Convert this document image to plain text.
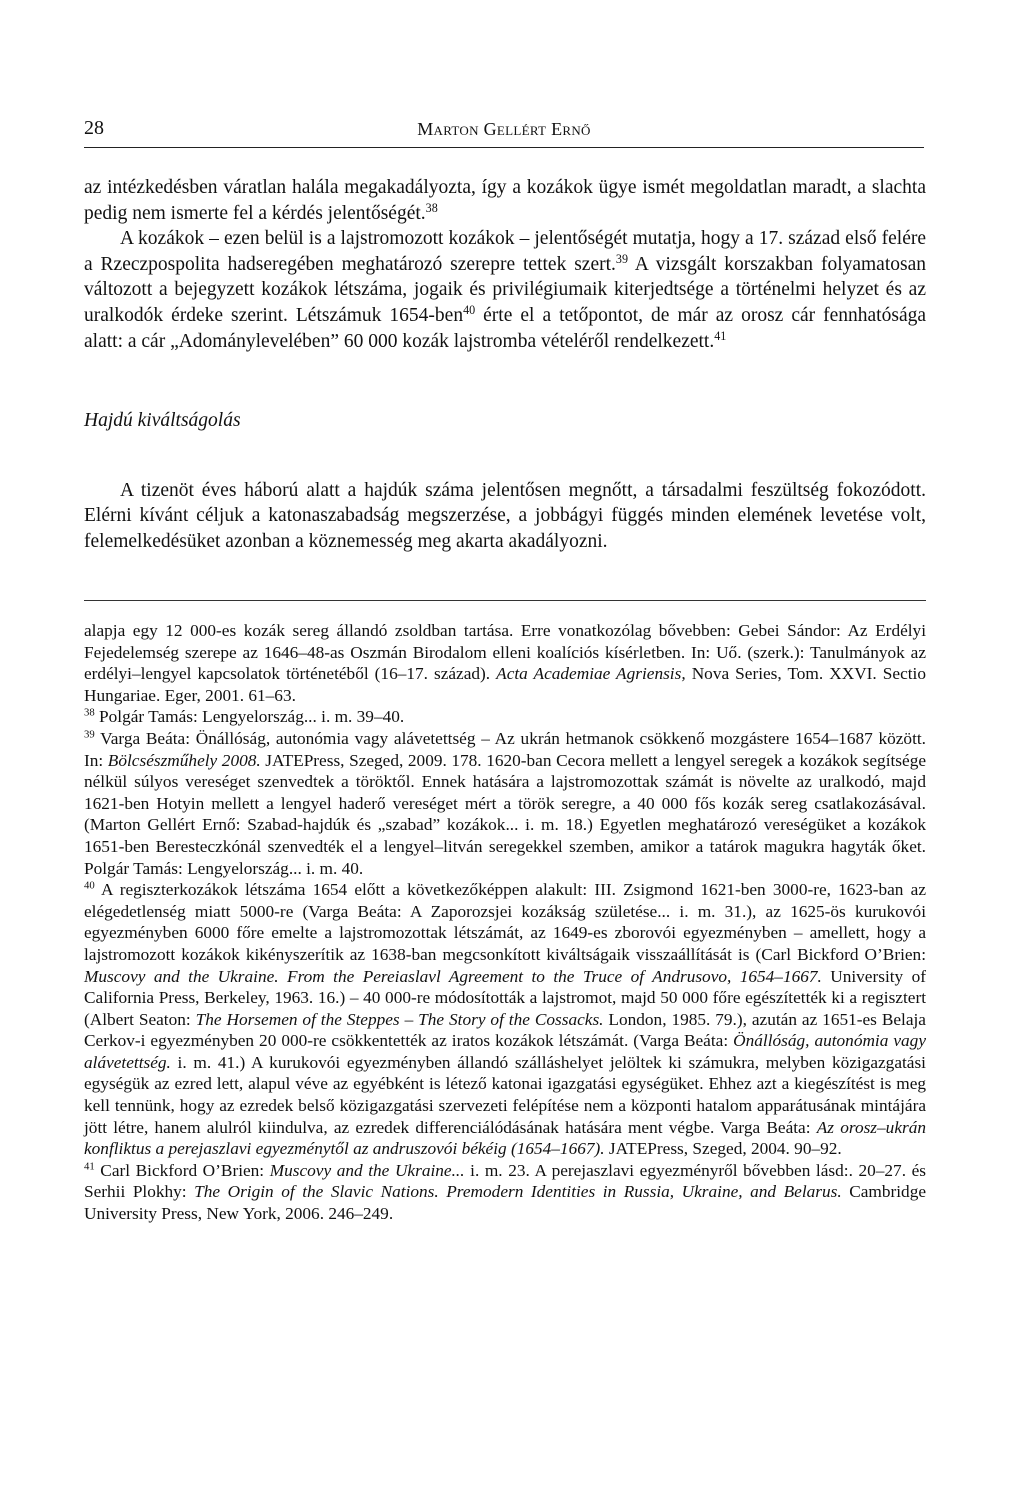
28	Marton Gellért Ernő

az intézkedésben váratlan halála megakadályozta, így a kozákok ügye ismét megoldatlan maradt, a slachta pedig nem ismerte fel a kérdés jelentőségét.$^{38}$

A kozákok – ezen belül is a lajstromozott kozákok – jelentőségét mutatja, hogy a 17. század első felére a Rzeczpospolita hadseregében meghatározó szerepre tettek szert.$^{39}$ A vizsgált korszakban folyamatosan változott a bejegyzett kozákok létszáma, jogaik és privilégiumaik kiterjedtsége a történelmi helyzet és az uralkodók érdeke szerint. Létszámuk 1654-ben$^{40}$ érte el a tetőpontot, de már az orosz cár fennhatósága alatt: a cár „Adománylevelében” 60 000 kozák lajstromba vételéről rendelkezett.$^{41}$

Hajdú kiváltságolás

A tizenöt éves háború alatt a hajdúk száma jelentősen megnőtt, a társadalmi feszültség fokozódott. Elérni kívánt céljuk a katonaszabadság megszerzése, a jobbágyi függés minden elemének levetése volt, felemelkedésüket azonban a köznemesség meg akarta akadályozni.

alapja egy 12 000-es kozák sereg állandó zsoldban tartása. Erre vonatkozólag bővebben: Gebei Sándor: Az Erdélyi Fejedelemség szerepe az 1646–48-as Oszmán Birodalom elleni koalíciós kísérletben. In: Uő. (szerk.): Tanulmányok az erdélyi–lengyel kapcsolatok történetéből (16–17. század). Acta Academiae Agriensis, Nova Series, Tom. XXVI. Sectio Hungariae. Eger, 2001. 61–63.

$^{38}$ Polgár Tamás: Lengyelország... i. m. 39–40.

$^{39}$ Varga Beáta: Önállóság, autonómia vagy alávetettség – Az ukrán hetmanok csökkenő mozgástere 1654–1687 között. In: Bölcsészműhely 2008. JATEPress, Szeged, 2009. 178. 1620-ban Cecora mellett a lengyel seregek a kozákok segítsége nélkül súlyos vereséget szenvedtek a töröktől. Ennek hatására a lajstromozottak számát is növelte az uralkodó, majd 1621-ben Hotyin mellett a lengyel haderő vereséget mért a török seregre, a 40 000 fős kozák sereg csatlakozásával. (Marton Gellért Ernő: Szabad-hajdúk és „szabad” kozákok... i. m. 18.) Egyetlen meghatározó vereségüket a kozákok 1651-ben Beresteczkónál szenvedték el a lengyel–litván seregekkel szemben, amikor a tatárok magukra hagyták őket. Polgár Tamás: Lengyelország... i. m. 40.

$^{40}$ A regiszterkozákok létszáma 1654 előtt a következőképpen alakult: III. Zsigmond 1621-ben 3000-re, 1623-ban az elégedetlenség miatt 5000-re (Varga Beáta: A Zaporozsjei kozákság születése... i. m. 31.), az 1625-ös kurukovói egyezményben 6000 főre emelte a lajstromozottak létszámát, az 1649-es zborovói egyezményben – amellett, hogy a lajstromozott kozákok kikényszerítik az 1638-ban megcsonkított kiváltságaik visszaállítását is (Carl Bickford O’Brien: Muscovy and the Ukraine. From the Pereiaslavl Agreement to the Truce of Andrusovo, 1654–1667. University of California Press, Berkeley, 1963. 16.) – 40 000-re módosították a lajstromot, majd 50 000 főre egészítették ki a regisztert (Albert Seaton: The Horsemen of the Steppes – The Story of the Cossacks. London, 1985. 79.), azután az 1651-es Belaja Cerkov-i egyezményben 20 000-re csökkentették az iratos kozákok létszámát. (Varga Beáta: Önállóság, autonómia vagy alávetettség. i. m. 41.) A kurukovói egyezményben állandó szálláshelyet jelöltek ki számukra, melyben közigazgatási egységük az ezred lett, alapul véve az egyébként is létező katonai igazgatási egységüket. Ehhez azt a kiegészítést is meg kell tennünk, hogy az ezredek belső közigazgatási szervezeti felépítése nem a központi hatalom apparátusának mintájára jött létre, hanem alulról kiindulva, az ezredek differenciálódásának hatására ment végbe. Varga Beáta: Az orosz–ukrán konfliktus a perejaszlavi egyezménytől az andruszovói békéig (1654–1667). JATEPress, Szeged, 2004. 90–92.

$^{41}$ Carl Bickford O’Brien: Muscovy and the Ukraine... i. m. 23. A perejaszlavi egyezményről bővebben lásd:. 20–27. és Serhii Plokhy: The Origin of the Slavic Nations. Premodern Identities in Russia, Ukraine, and Belarus. Cambridge University Press, New York, 2006. 246–249.
